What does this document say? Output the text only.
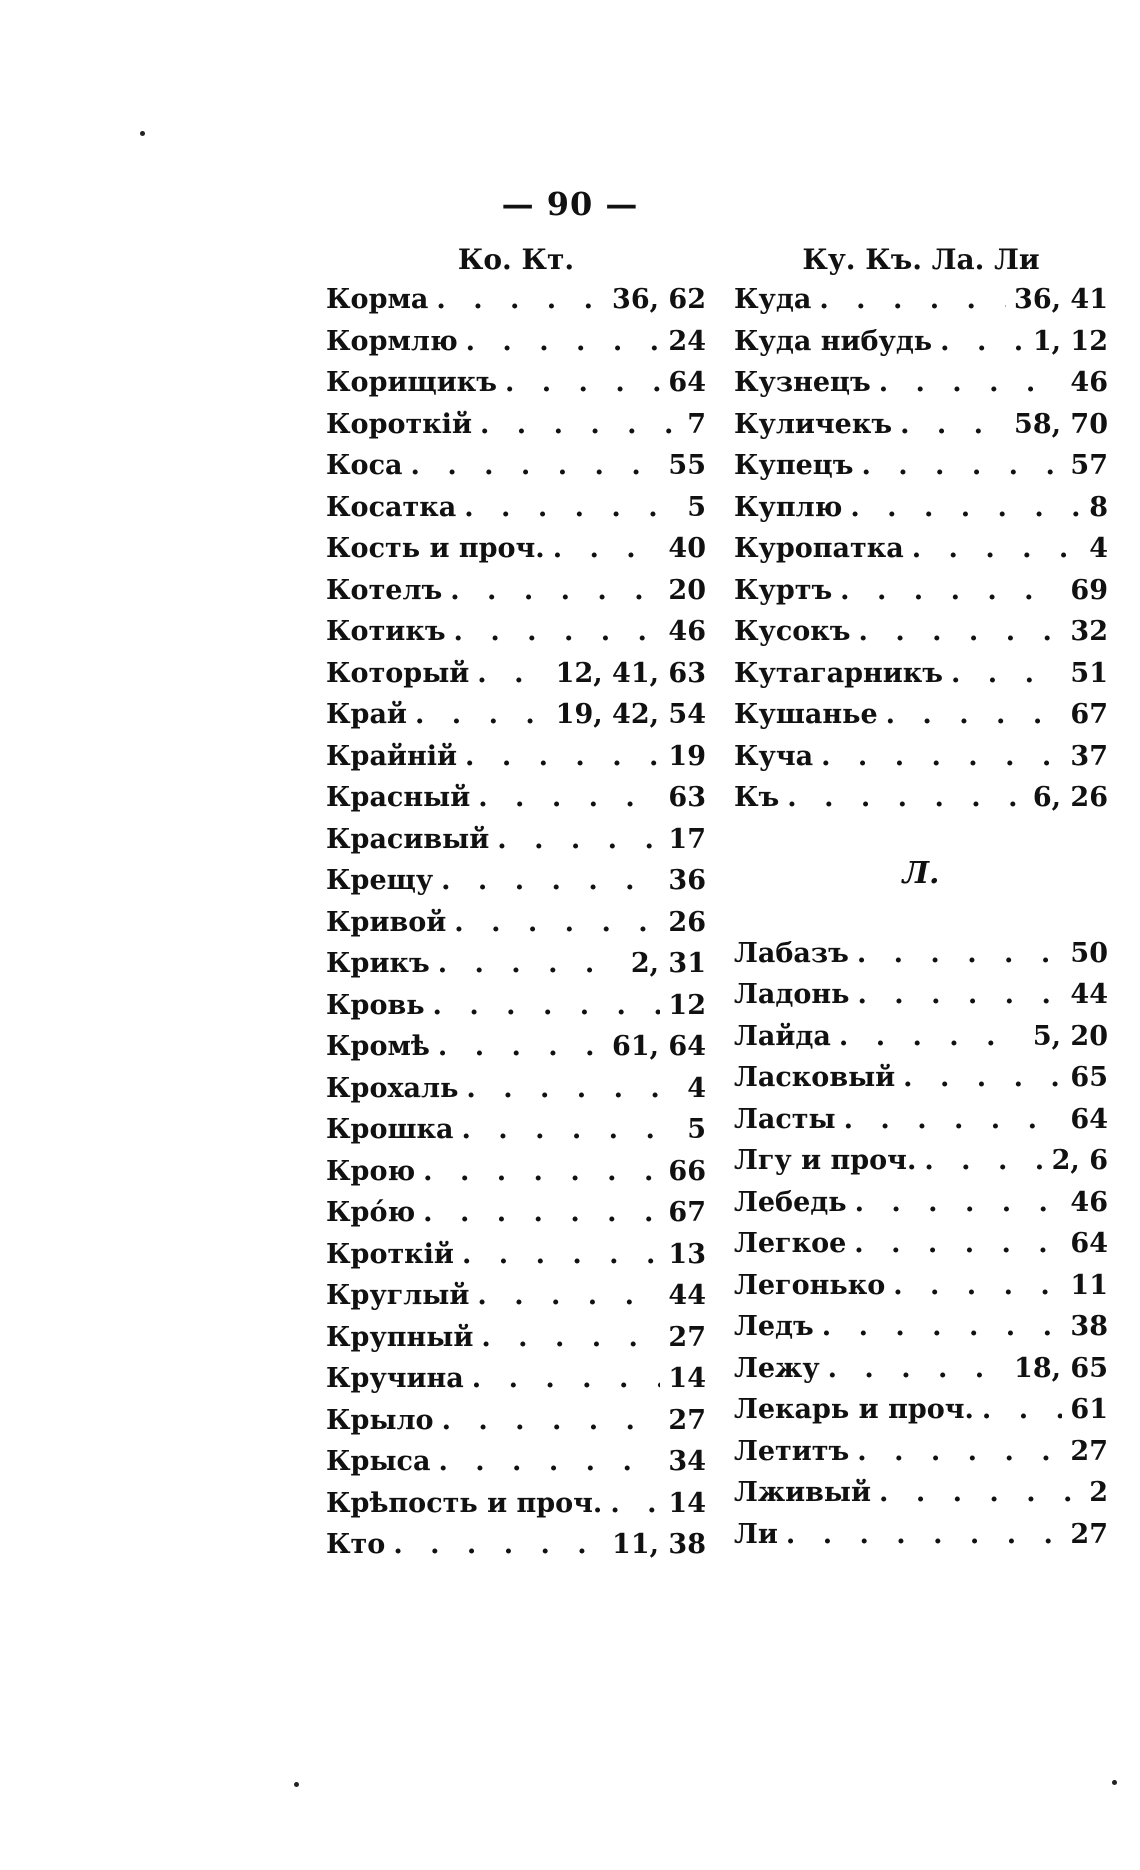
— 90 —
Ко. Кт.
Корма . . .	36, 62
Кормлю . . .	24
Корищикъ . . .	64
Короткій . . .	7
Коса . . .	55
Косатка . . .	5
Кость и проч. . . .	40
Котелъ . . .	20
Котикъ . . .	46
Который . . .	12, 41, 63
Край . . .	19, 42, 54
Крайній . . .	19
Красный . . .	63
Красивый . . .	17
Крещу . . .	36
Кривой . . .	26
Крикъ . . .	2, 31
Кровь . . .	12
Кромѣ . . .	61, 64
Крохаль . . .	4
Крошка . . .	5
Крою . . .	66
Крóю . . .	67
Кроткій . . .	13
Круглый . . .	44
Крупный . . .	27
Кручина . . .	14
Крыло . . .	27
Крыса . . .	34
Крѣпость и проч. . . . 14
Кто . . .	11, 38
Ку. Къ. Ла. Ли
Куда . . .	36, 41
Куда нибудь . . .	1, 12
Кузнецъ . . .	46
Куличекъ . . .	58, 70
Купецъ . . .	57
Куплю . . .	8
Куропатка . . .	4
Куртъ . . .	69
Кусокъ . . .	32
Кутагарникъ . . .	51
Кушанье . . .	67
Куча . . .	37
Къ . . .	6, 26
Л.
Лабазъ . . .	50
Ладонь . . .	44
Лайда . . .	5, 20
Ласковый . . .	65
Ласты . . .	64
Лгу и проч. . . .	2, 6
Лебедь . . .	46
Легкое . . .	64
Легонько . . .	11
Ледъ . . .	38
Лежу . . .	18, 65
Лекарь и проч. . . .	61
Летитъ . . .	27
Лживый . . .	2
Ли . . .	27
